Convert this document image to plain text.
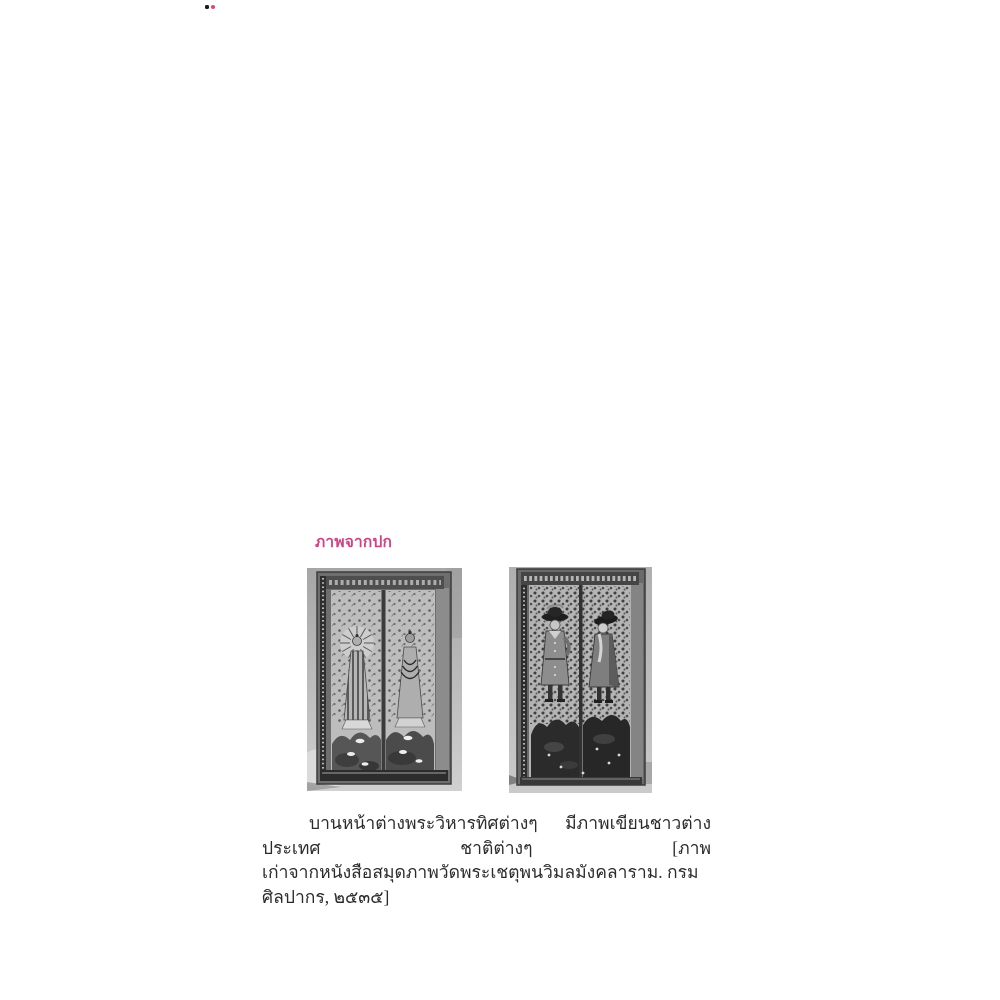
ภาพจากปก

บานหน้าต่างพระวิหารทิศต่างๆ มีภาพเขียนชาวต่างประเทศ ชาติต่างๆ [ภาพ
เก่าจากหนังสือสมุดภาพวัดพระเชตุพนวิมลมังคลาราม. กรมศิลปากร, ๒๕๓๕]
